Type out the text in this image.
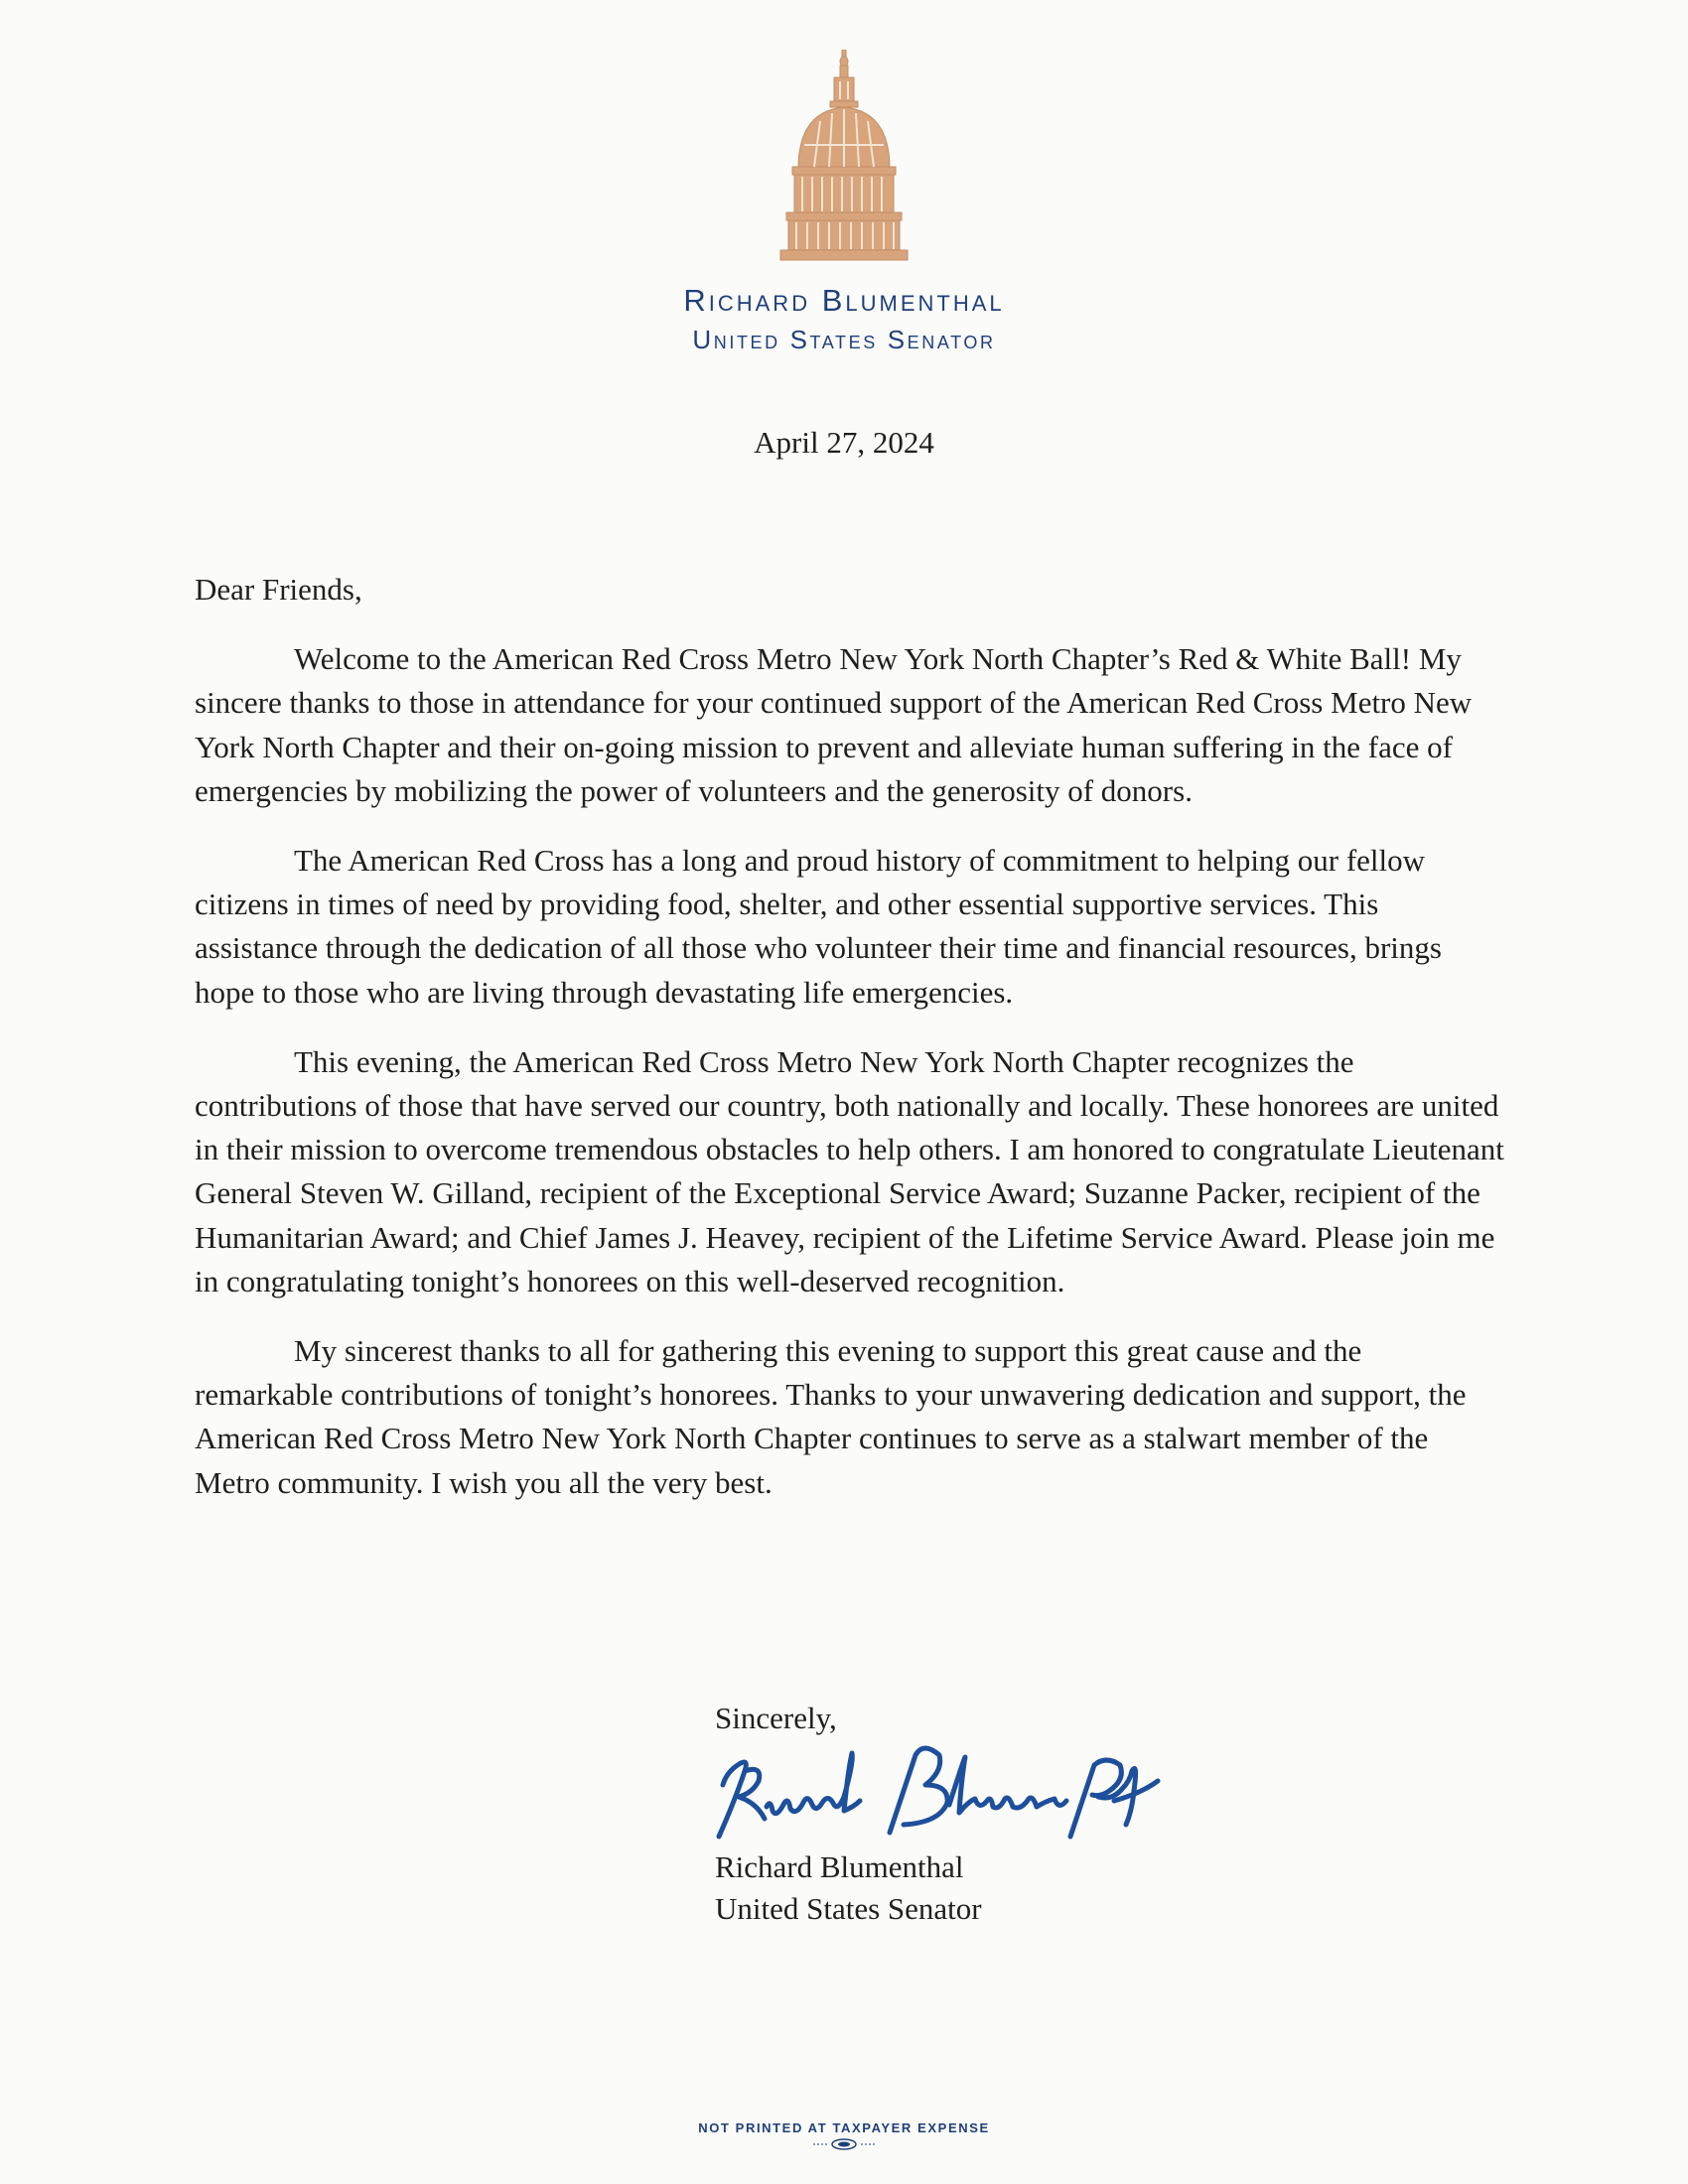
Richard Blumenthal
United States Senator
April 27, 2024

Dear Friends,

Welcome to the American Red Cross Metro New York North Chapter’s Red & White Ball! My sincere thanks to those in attendance for your continued support of the American Red Cross Metro New York North Chapter and their on-going mission to prevent and alleviate human suffering in the face of emergencies by mobilizing the power of volunteers and the generosity of donors.

The American Red Cross has a long and proud history of commitment to helping our fellow citizens in times of need by providing food, shelter, and other essential supportive services. This assistance through the dedication of all those who volunteer their time and financial resources, brings hope to those who are living through devastating life emergencies.

This evening, the American Red Cross Metro New York North Chapter recognizes the contributions of those that have served our country, both nationally and locally. These honorees are united in their mission to overcome tremendous obstacles to help others. I am honored to congratulate Lieutenant General Steven W. Gilland, recipient of the Exceptional Service Award; Suzanne Packer, recipient of the Humanitarian Award; and Chief James J. Heavey, recipient of the Lifetime Service Award. Please join me in congratulating tonight’s honorees on this well-deserved recognition.

My sincerest thanks to all for gathering this evening to support this great cause and the remarkable contributions of tonight’s honorees. Thanks to your unwavering dedication and support, the American Red Cross Metro New York North Chapter continues to serve as a stalwart member of the Metro community. I wish you all the very best.

Sincerely,
Richard Blumenthal
United States Senator
NOT PRINTED AT TAXPAYER EXPENSE
